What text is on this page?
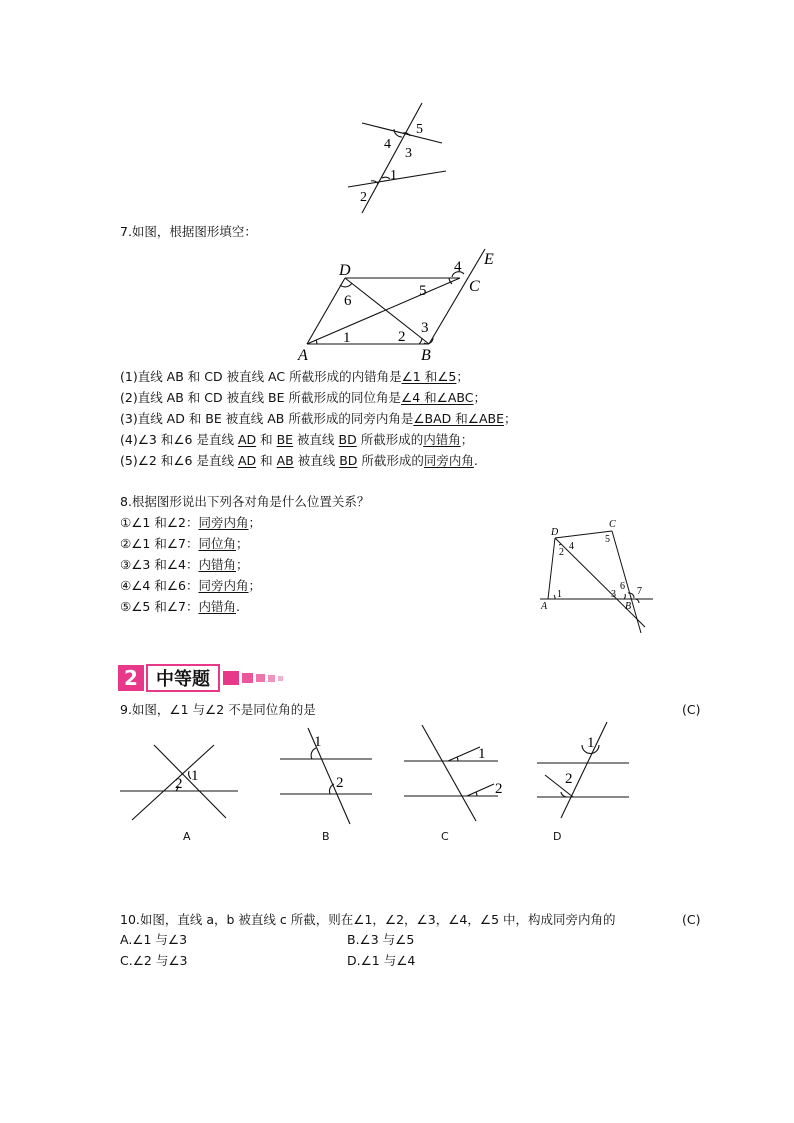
5
4
3
1
2
7.如图，根据图形填空：
D
C
E
A	B
1	2
3
4
5
6
(1)直线 AB 和 CD 被直线 AC 所截形成的内错角是∠1 和∠5；
(2)直线 AB 和 CD 被直线 BE 所截形成的同位角是∠4 和∠ABC；
(3)直线 AD 和 BE 被直线 AB 所截形成的同旁内角是∠BAD 和∠ABE；
(4)∠3 和∠6 是直线 AD 和 BE 被直线 BD 所截形成的内错角；
(5)∠2 和∠6 是直线 AD 和 AB 被直线 BD 所截形成的同旁内角.
8.根据图形说出下列各对角是什么位置关系？
①∠1 和∠2：同旁内角；
②∠1 和∠7：同位角；
③∠3 和∠4：内错角；
④∠4 和∠6：同旁内角；
⑤∠5 和∠7：内错角.
D
C
A	B
1
2
3
4
5
6 7
2	中等题
9.如图，∠1 与∠2 不是同位角的是	(C)
1
2
A
1
2
B
1
2
C
1
2
D
10.如图，直线 a，b 被直线 c 所截，则在∠1，∠2，∠3，∠4，∠5 中，构成同旁内角的	(C)
A.∠1 与∠3	B.∠3 与∠5
C.∠2 与∠3	D.∠1 与∠4
